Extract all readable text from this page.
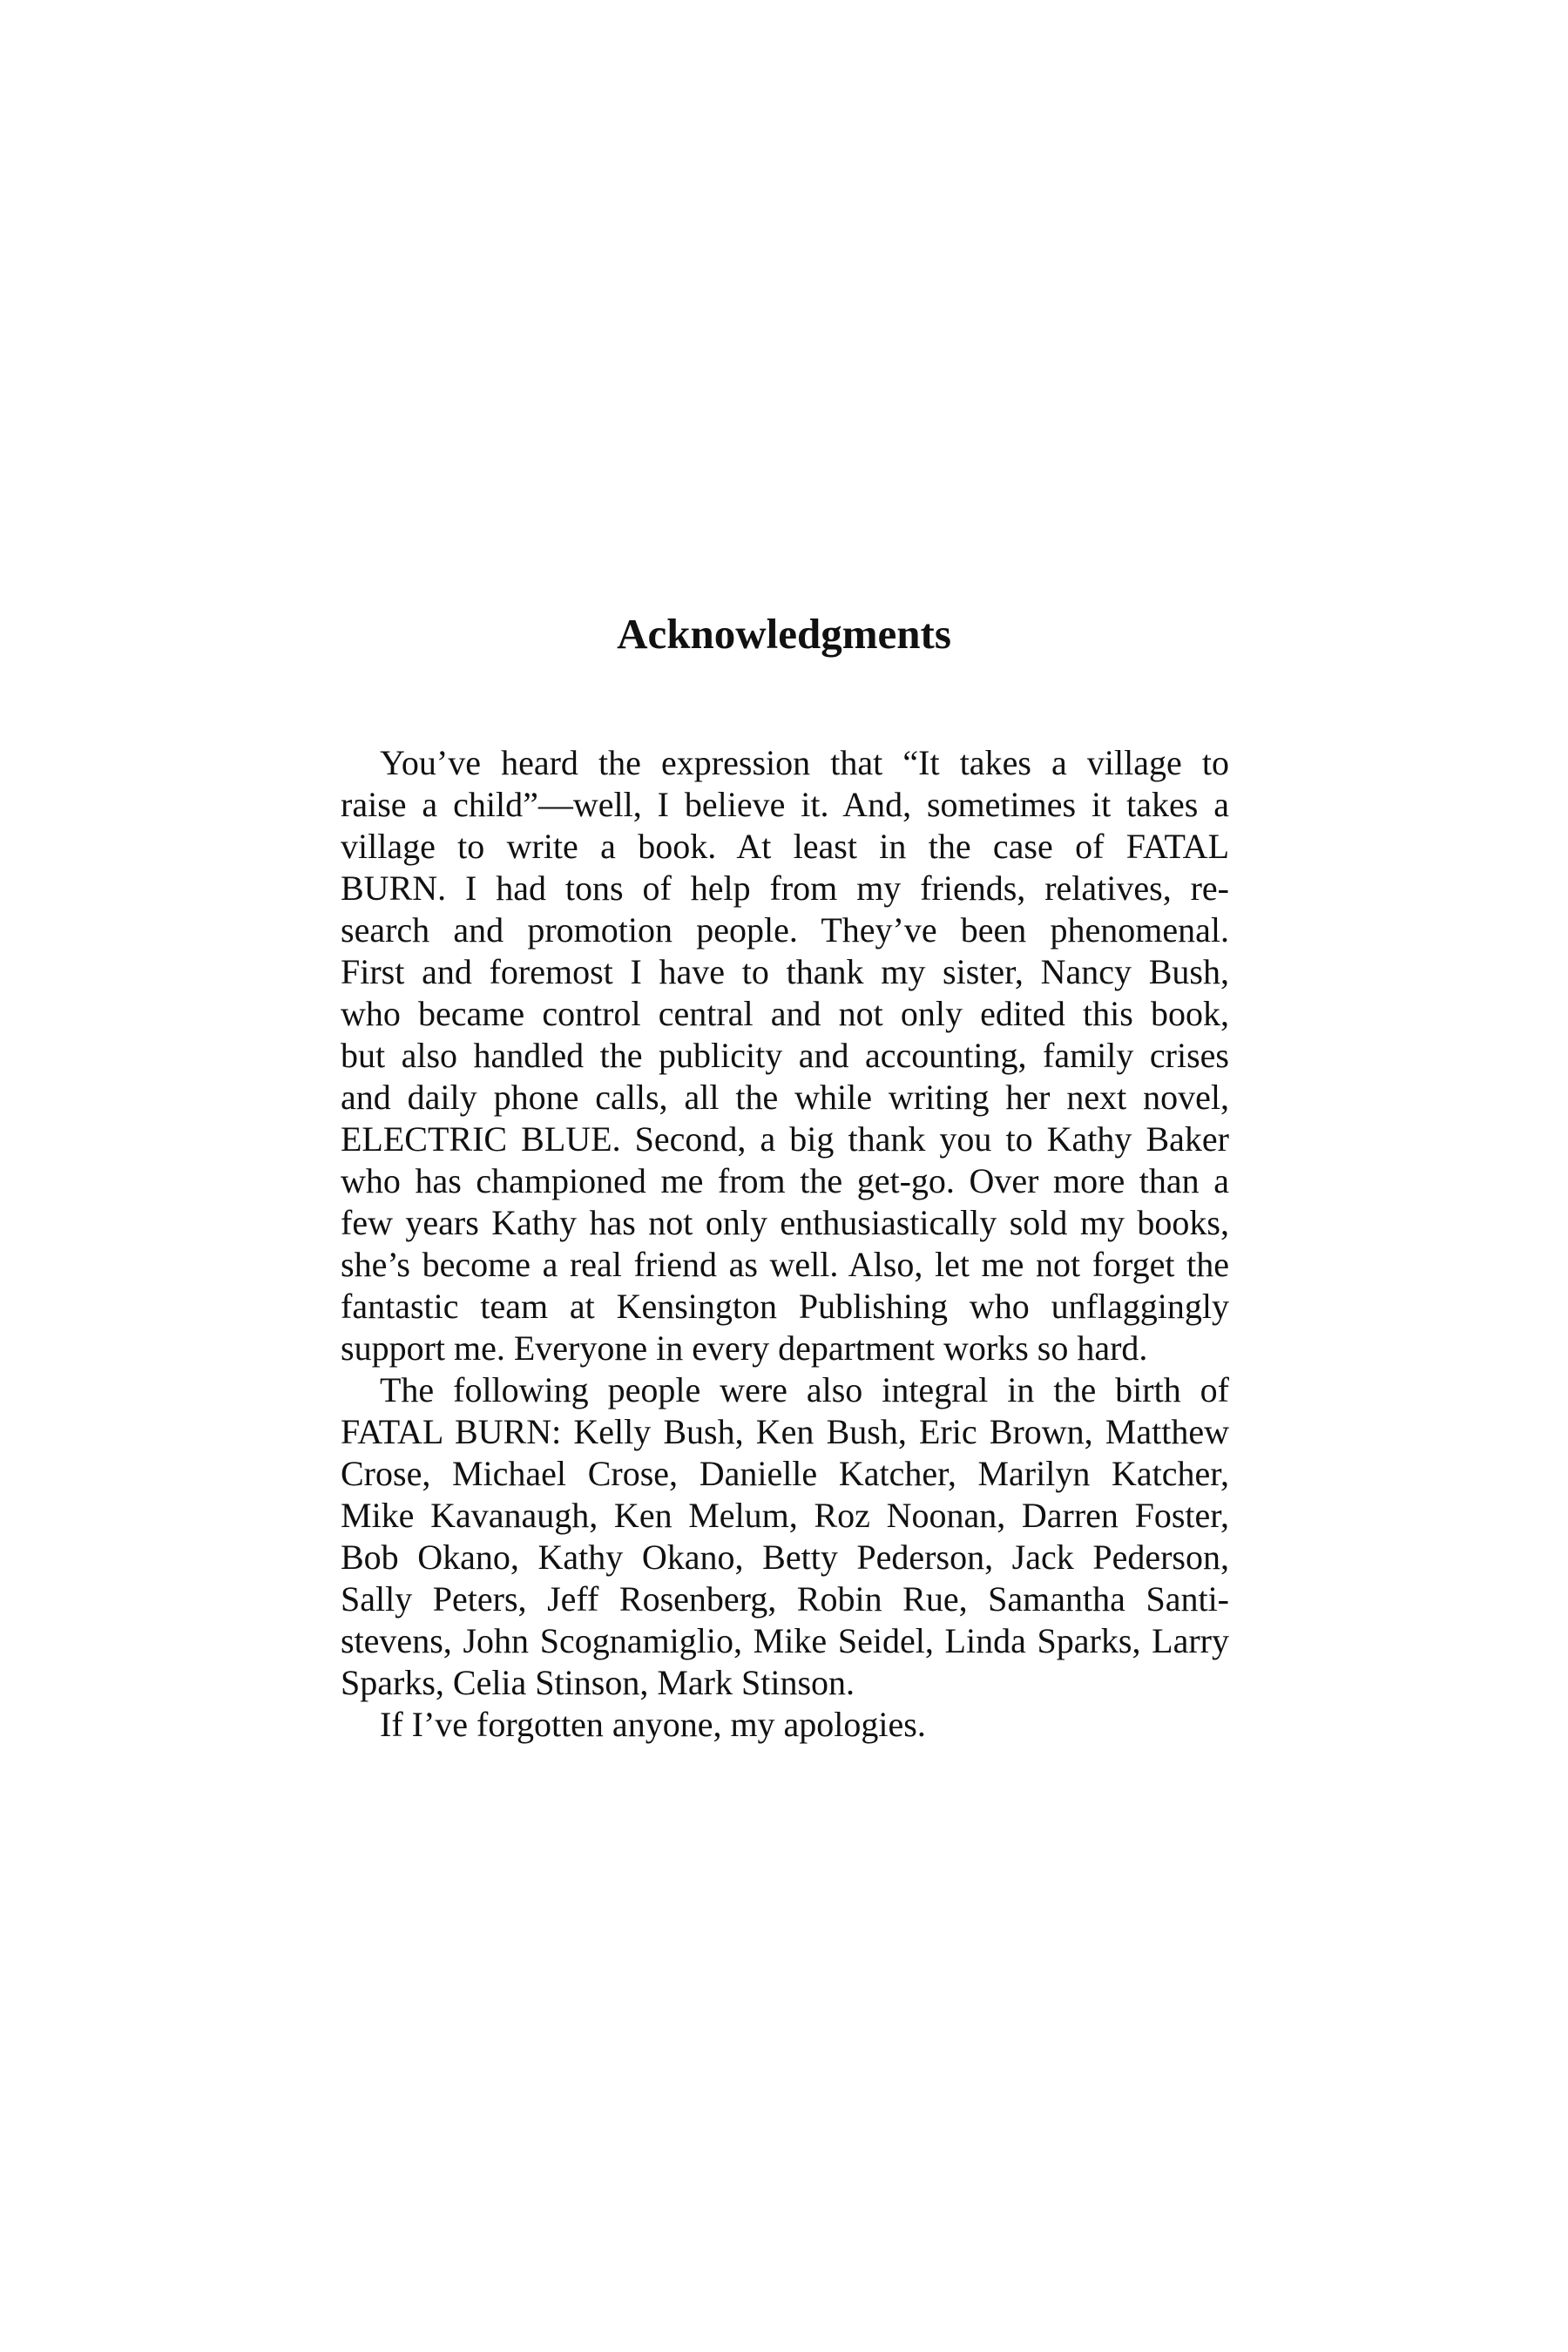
Acknowledgments
You’ve heard the expression that “It takes a village to
raise a child”—well, I believe it. And, sometimes it takes a
village to write a book. At least in the case of FATAL
BURN. I had tons of help from my friends, relatives, re-
search and promotion people. They’ve been phenomenal.
First and foremost I have to thank my sister, Nancy Bush,
who became control central and not only edited this book,
but also handled the publicity and accounting, family crises
and daily phone calls, all the while writing her next novel,
ELECTRIC BLUE. Second, a big thank you to Kathy Baker
who has championed me from the get-go. Over more than a
few years Kathy has not only enthusiastically sold my books,
she’s become a real friend as well. Also, let me not forget the
fantastic team at Kensington Publishing who unflaggingly
support me. Everyone in every department works so hard.
The following people were also integral in the birth of
FATAL BURN: Kelly Bush, Ken Bush, Eric Brown, Matthew
Crose, Michael Crose, Danielle Katcher, Marilyn Katcher,
Mike Kavanaugh, Ken Melum, Roz Noonan, Darren Foster,
Bob Okano, Kathy Okano, Betty Pederson, Jack Pederson,
Sally Peters, Jeff Rosenberg, Robin Rue, Samantha Santi-
stevens, John Scognamiglio, Mike Seidel, Linda Sparks, Larry
Sparks, Celia Stinson, Mark Stinson.
If I’ve forgotten anyone, my apologies.
